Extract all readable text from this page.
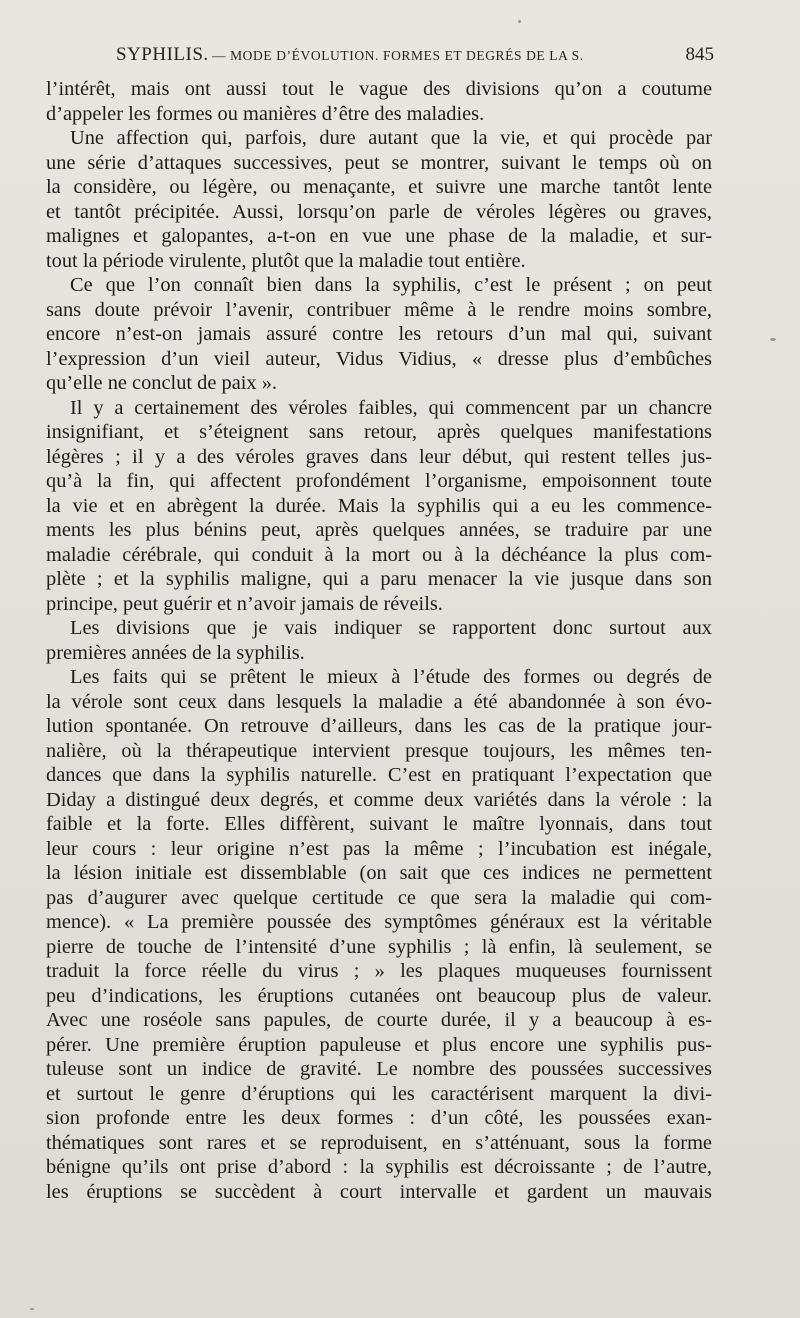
SYPHILIS. — MODE D’ÉVOLUTION. FORMES ET DEGRÉS DE LA S.	845
l’intérêt, mais ont aussi tout le vague des divisions qu’on a coutume
d’appeler les formes ou manières d’être des maladies.
Une affection qui, parfois, dure autant que la vie, et qui procède par
une série d’attaques successives, peut se montrer, suivant le temps où on
la considère, ou légère, ou menaçante, et suivre une marche tantôt lente
et tantôt précipitée. Aussi, lorsqu’on parle de véroles légères ou graves,
malignes et galopantes, a-t-on en vue une phase de la maladie, et sur-
tout la période virulente, plutôt que la maladie tout entière.
Ce que l’on connaît bien dans la syphilis, c’est le présent ; on peut
sans doute prévoir l’avenir, contribuer même à le rendre moins sombre,
encore n’est-on jamais assuré contre les retours d’un mal qui, suivant
l’expression d’un vieil auteur, Vidus Vidius, « dresse plus d’embûches
qu’elle ne conclut de paix ».
Il y a certainement des véroles faibles, qui commencent par un chancre
insignifiant, et s’éteignent sans retour, après quelques manifestations
légères ; il y a des véroles graves dans leur début, qui restent telles jus-
qu’à la fin, qui affectent profondément l’organisme, empoisonnent toute
la vie et en abrègent la durée. Mais la syphilis qui a eu les commence-
ments les plus bénins peut, après quelques années, se traduire par une
maladie cérébrale, qui conduit à la mort ou à la déchéance la plus com-
plète ; et la syphilis maligne, qui a paru menacer la vie jusque dans son
principe, peut guérir et n’avoir jamais de réveils.
Les divisions que je vais indiquer se rapportent donc surtout aux
premières années de la syphilis.
Les faits qui se prêtent le mieux à l’étude des formes ou degrés de
la vérole sont ceux dans lesquels la maladie a été abandonnée à son évo-
lution spontanée. On retrouve d’ailleurs, dans les cas de la pratique jour-
nalière, où la thérapeutique intervient presque toujours, les mêmes ten-
dances que dans la syphilis naturelle. C’est en pratiquant l’expectation que
Diday a distingué deux degrés, et comme deux variétés dans la vérole : la
faible et la forte. Elles diffèrent, suivant le maître lyonnais, dans tout
leur cours : leur origine n’est pas la même ; l’incubation est inégale,
la lésion initiale est dissemblable (on sait que ces indices ne permettent
pas d’augurer avec quelque certitude ce que sera la maladie qui com-
mence). « La première poussée des symptômes généraux est la véritable
pierre de touche de l’intensité d’une syphilis ; là enfin, là seulement, se
traduit la force réelle du virus ; » les plaques muqueuses fournissent
peu d’indications, les éruptions cutanées ont beaucoup plus de valeur.
Avec une roséole sans papules, de courte durée, il y a beaucoup à es-
pérer. Une première éruption papuleuse et plus encore une syphilis pus-
tuleuse sont un indice de gravité. Le nombre des poussées successives
et surtout le genre d’éruptions qui les caractérisent marquent la divi-
sion profonde entre les deux formes : d’un côté, les poussées exan-
thématiques sont rares et se reproduisent, en s’atténuant, sous la forme
bénigne qu’ils ont prise d’abord : la syphilis est décroissante ; de l’autre,
les éruptions se succèdent à court intervalle et gardent un mauvais
